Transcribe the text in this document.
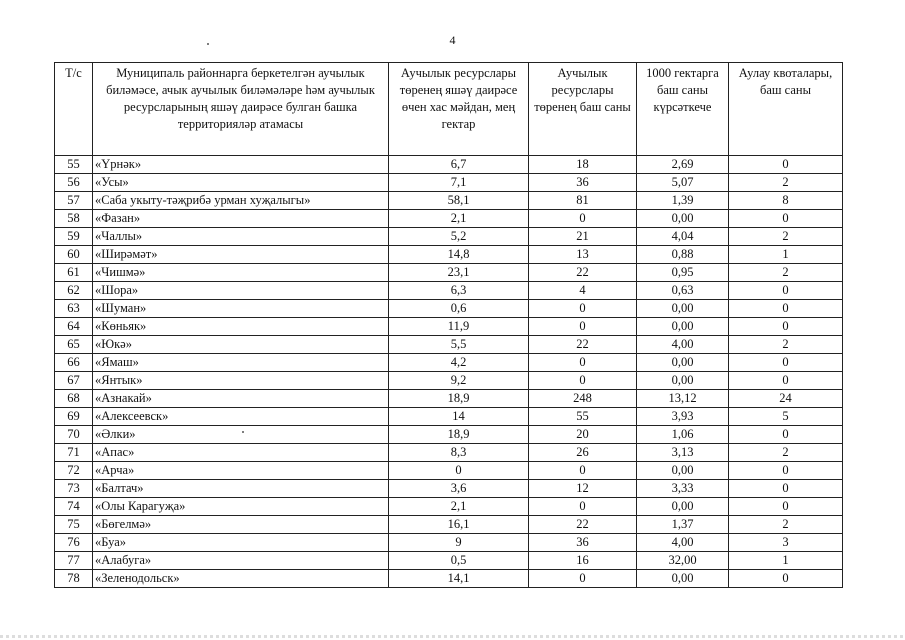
4
Т/с	Муниципаль районнарга беркетелгән аучылык биләмәсе, ачык аучылык биләмәләре һәм аучылык ресурсларының яшәү даирәсе булган башка территорияләр атамасы	Аучылык ресурслары төренең яшәү даирәсе өчен хас мәйдан, мең гектар	Аучылык ресурслары төренең баш саны	1000 гектарга баш саны күрсәткече	Аулау квоталары, баш саны
55	«Үрнәк»	6,7	18	2,69	0
56	«Усы»	7,1	36	5,07	2
57	«Саба укыту-тәҗрибә урман хуҗалыгы»	58,1	81	1,39	8
58	«Фазан»	2,1	0	0,00	0
59	«Чаллы»	5,2	21	4,04	2
60	«Ширәмәт»	14,8	13	0,88	1
61	«Чишмә»	23,1	22	0,95	2
62	«Шора»	6,3	4	0,63	0
63	«Шуман»	0,6	0	0,00	0
64	«Көньяк»	11,9	0	0,00	0
65	«Юкә»	5,5	22	4,00	2
66	«Ямаш»	4,2	0	0,00	0
67	«Янтык»	9,2	0	0,00	0
68	«Азнакай»	18,9	248	13,12	24
69	«Алексеевск»	14	55	3,93	5
70	«Әлки»	18,9	20	1,06	0
71	«Апас»	8,3	26	3,13	2
72	«Арча»	0	0	0,00	0
73	«Балтач»	3,6	12	3,33	0
74	«Олы Карагуҗа»	2,1	0	0,00	0
75	«Бөгелмә»	16,1	22	1,37	2
76	«Буа»	9	36	4,00	3
77	«Алабуга»	0,5	16	32,00	1
78	«Зеленодольск»	14,1	0	0,00	0
